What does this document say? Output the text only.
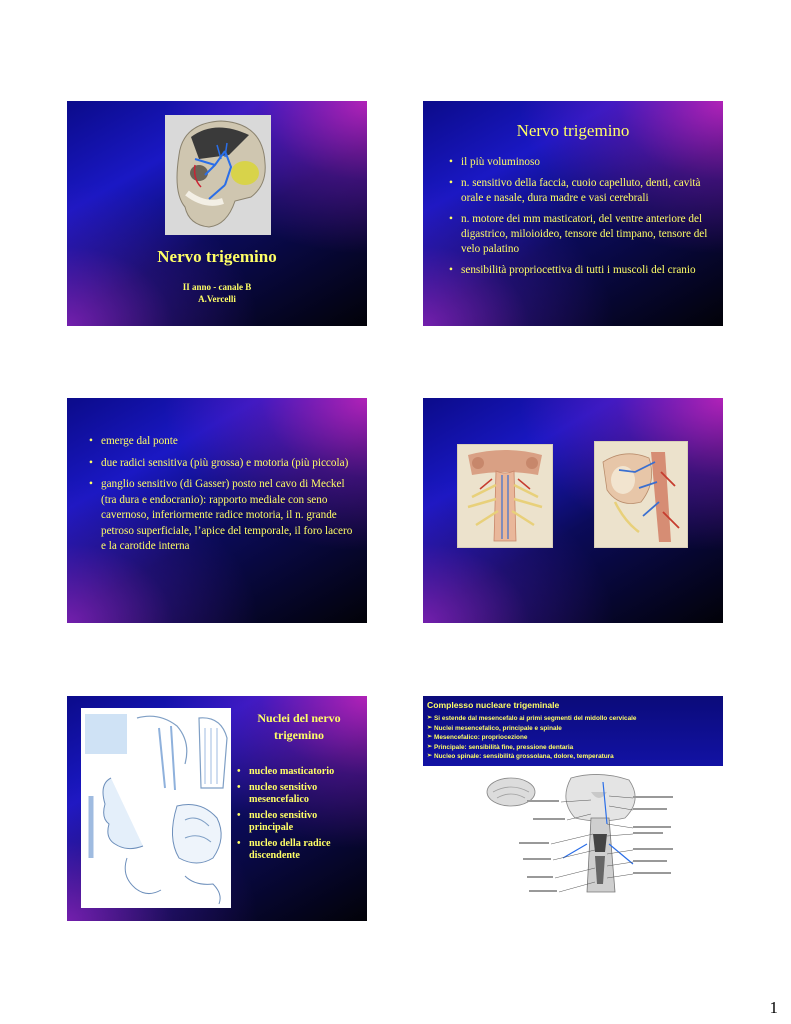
Nervo trigemino
II anno - canale B
A.Vercelli
Nervo trigemino
• il più voluminoso
• n. sensitivo della faccia, cuoio capelluto, denti, cavità orale e nasale, dura madre e vasi cerebrali
• n. motore dei mm masticatori, del ventre anteriore del digastrico, miloioideo, tensore del timpano, tensore del velo palatino
• sensibilità propriocettiva di tutti i muscoli del cranio
• emerge dal ponte
• due radici sensitiva (più grossa) e motoria (più piccola)
• ganglio sensitivo (di Gasser) posto nel cavo di Meckel (tra dura e endocranio): rapporto mediale con seno cavernoso, inferiormente radice motoria, il n. grande petroso superficiale, l’apice del temporale, il foro lacero e la carotide interna
Nuclei del nervo trigemino
• nucleo masticatorio
• nucleo sensitivo mesencefalico
• nucleo sensitivo principale
• nucleo della radice discendente
Complesso nucleare trigeminale
➢ Si estende dal mesencefalo ai primi segmenti del midollo cervicale
➢ Nuclei mesencefalico, principale e spinale
➢ Mesencefalico: propriocezione
➢ Principale: sensibilità fine, pressione dentaria
➢ Nucleo spinale: sensibilità grossolana, dolore, temperatura
1
